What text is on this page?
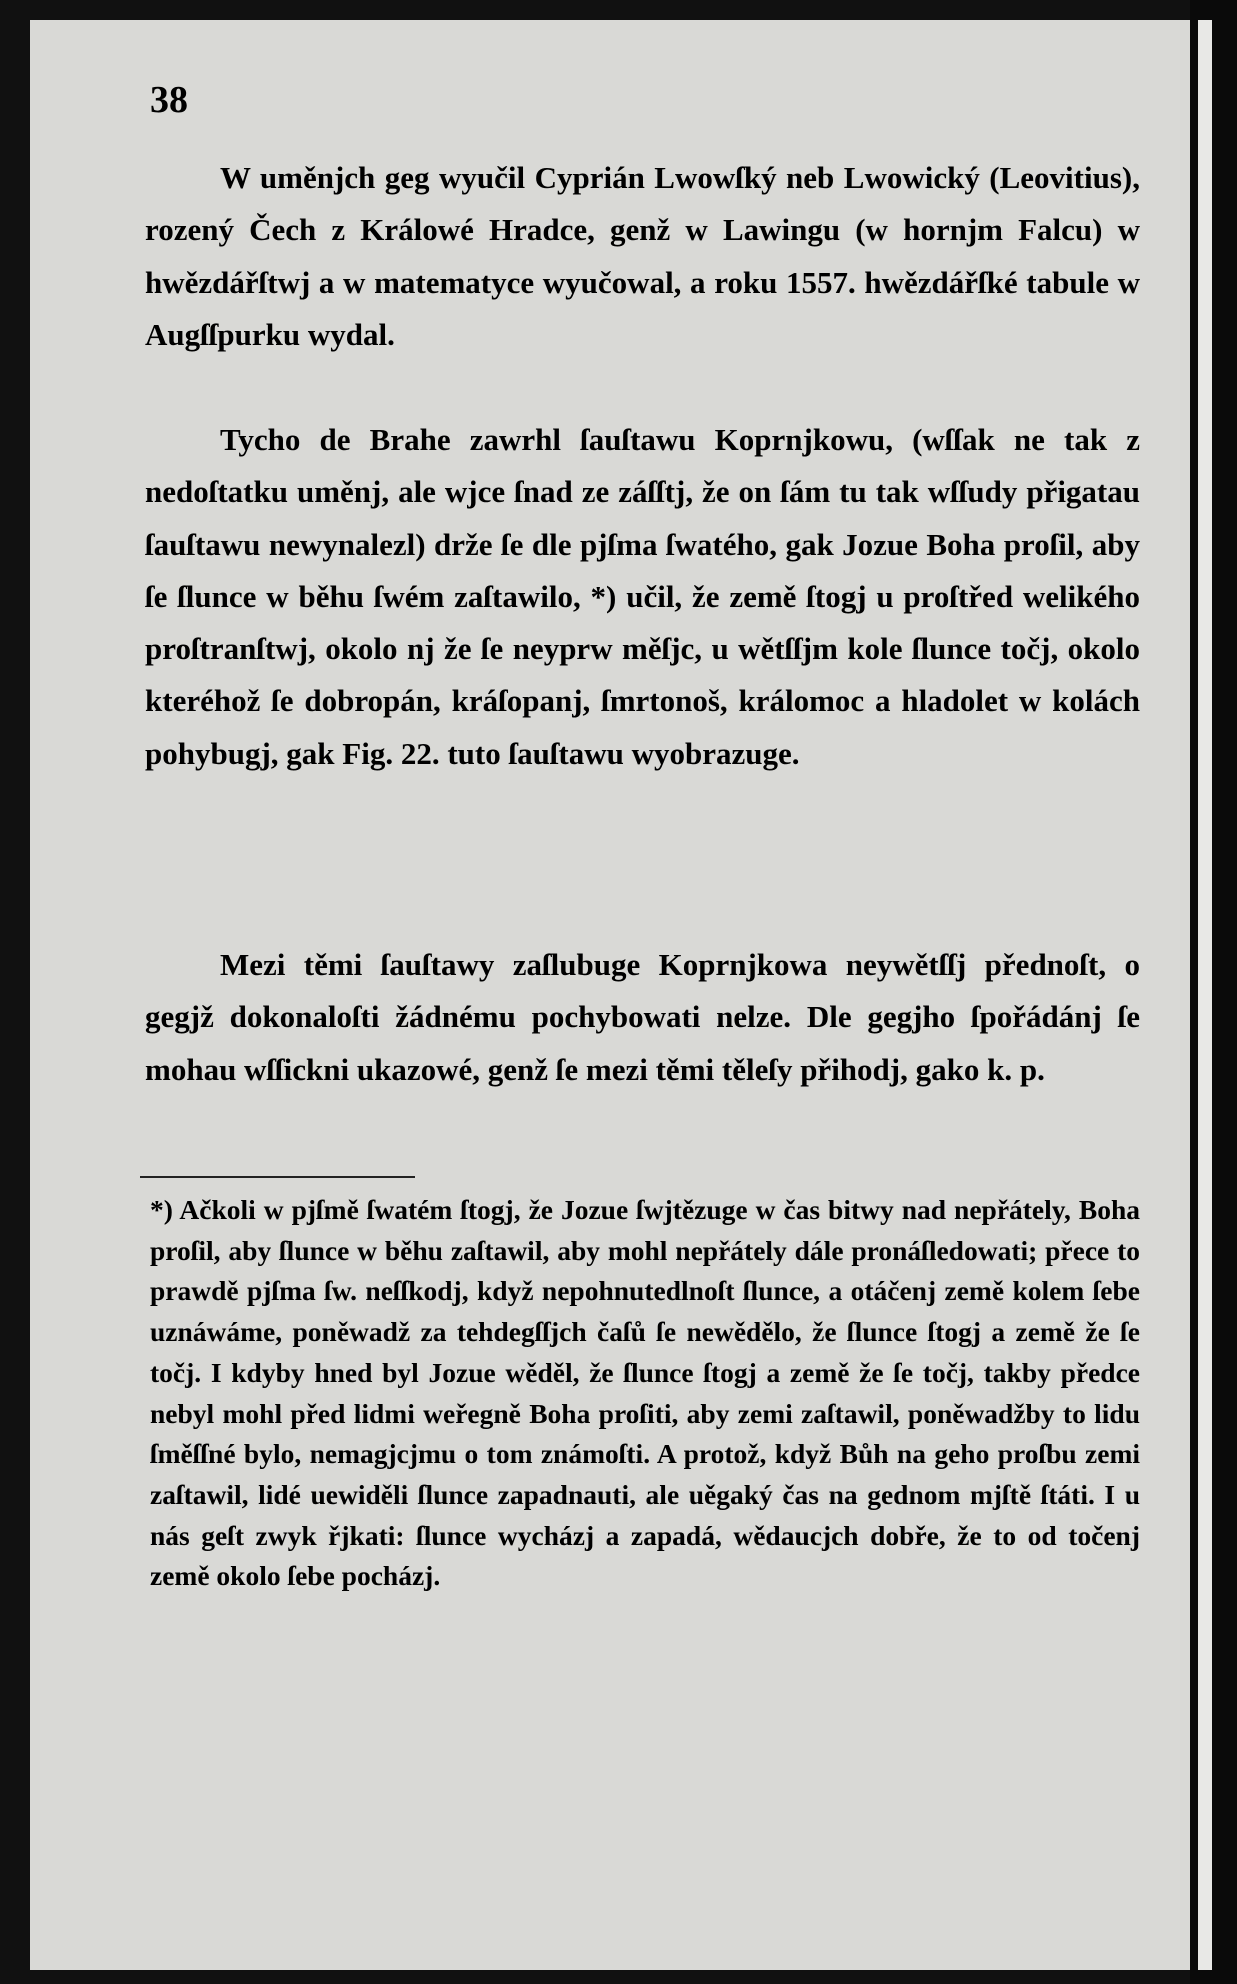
38

W uměnjch geg wyučil Cyprián Lwowſký neb Lwowický (Leovitius), rozený Čech z Králowé Hradce, genž w Lawingu (w hornjm Falcu) w hwězdářſtwj a w matematyce wyučowal, a roku 1557. hwězdářſké tabule w Augſſpurku wydal.

Tycho de Brahe zawrhl ſauſtawu Koprnjkowu, (wſſak ne tak z nedoſtatku uměnj, ale wjce ſnad ze záſſtj, že on ſám tu tak wſſudy přigatau ſauſtawu newynalezl) drže ſe dle pjſma ſwatého, gak Jozue Boha proſil, aby ſe ſlunce w běhu ſwém zaſtawilo, *) učil, že země ſtogj u proſtřed welikého proſtranſtwj, okolo nj že ſe neyprw měſjc, u wětſſjm kole ſlunce točj, okolo kteréhož ſe dobropán, kráſopanj, ſmrtonoš, králomoc a hladolet w kolách pohybugj, gak Fig. 22. tuto ſauſtawu wyobrazuge.

Mezi těmi ſauſtawy zaſlubuge Koprnjkowa neywětſſj přednoſt, o gegjž dokonaloſti žádnému pochybowati nelze. Dle gegjho ſpořádánj ſe mohau wſſickni ukazowé, genž ſe mezi těmi těleſy přihodj, gako k. p.

*) Ačkoli w pjſmě ſwatém ſtogj, že Jozue ſwjtězuge w čas bitwy nad nepřátely, Boha proſil, aby ſlunce w běhu zaſtawil, aby mohl nepřátely dále pronáſledowati; přece to prawdě pjſma ſw. neſſkodj, když nepohnutedlnoſt ſlunce, a otáčenj země kolem ſebe uznáwáme, poněwadž za tehdegſſjch čaſů ſe newědělo, že ſlunce ſtogj a země že ſe točj. I kdyby hned byl Jozue wěděl, že ſlunce ſtogj a země že ſe točj, takby předce nebyl mohl před lidmi weřegně Boha proſiti, aby zemi zaſtawil, poněwadžby to lidu ſměſſné bylo, nemagjcjmu o tom známoſti. A protož, když Bůh na geho proſbu zemi zaſtawil, lidé uewiděli ſlunce zapadnauti, ale uěgaký čas na gednom mjſtě ſtáti. I u nás geſt zwyk řjkati: ſlunce wycházj a zapadá, wědaucjch dobře, že to od točenj země okolo ſebe pocházj.
